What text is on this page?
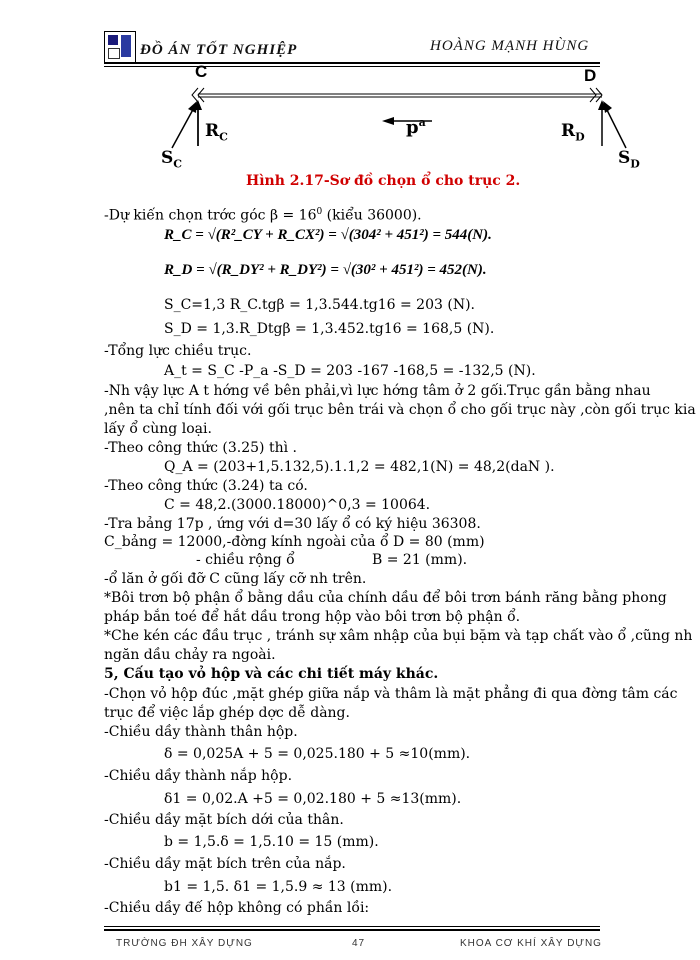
ĐỒ ÁN TỐT NGHIỆP	HOÀNG MẠNH HÙNG
C	D
$R_C$
$S_C$
$p^a$	$R_D$
$S_D$
Hình 2.17-Sơ đồ chọn ổ cho trục 2.
-Dự kiến chọn trớc góc $\beta = 16^0$ (kiểu 36000).
R_C = √(R²_CY + R_CX²) = √(304² + 451²) = 544(N).
R_D = √(R_DY² + R_DY²) = √(30² + 451²) = 452(N).
S_C=1,3 R_C.tgβ = 1,3.544.tg16 = 203 (N).
S_D = 1,3.R_Dtgβ = 1,3.452.tg16 = 168,5 (N).
-Tổng lực chiều trục.
A_t = S_C -P_a -S_D = 203 -167 -168,5 = -132,5 (N).
-Nh vậy lực A t hớng về bên phải,vì lực hớng tâm ở 2 gối.Trục gần bằng nhau
,nên ta chỉ tính đối với gối trục bên trái và chọn ổ cho gối trục này ,còn gối trục kia
lấy ổ cùng loại.
-Theo công thức (3.25) thì .
Q_A = (203+1,5.132,5).1.1,2 = 482,1(N) = 48,2(daN ).
-Theo công thức (3.24) ta có.
C = 48,2.(3000.18000)^0,3 = 10064.
-Tra bảng 17p , ứng với d=30 lấy ổ có ký hiệu 36308.
C_bảng = 12000,-đờng kính ngoài của ổ D = 80 (mm)
- chiều rộng ổ	B = 21 (mm).
-ổ lăn ở gối đỡ C cũng lấy cỡ nh trên.
*Bôi trơn bộ phận ổ bằng dầu của chính dầu để bôi trơn bánh răng bằng phong
pháp bắn toé để hắt dầu trong hộp vào bôi trơn bộ phận ổ.
*Che kén các đầu trục , tránh sự xâm nhập của bụi bặm và tạp chất vào ổ ,cũng nh
ngăn dầu chảy ra ngoài.
5, Cấu tạo vỏ hộp và các chi tiết máy khác.
-Chọn vỏ hộp đúc ,mặt ghép giữa nắp và thâm là mặt phẳng đi qua đờng tâm các
trục để việc lắp ghép dợc dễ dàng.
-Chiều dầy thành thân hộp.
δ = 0,025A + 5 = 0,025.180 + 5 ≈10(mm).
-Chiều dầy thành nắp hộp.
δ1 = 0,02.A +5 = 0,02.180 + 5 ≈13(mm).
-Chiều dầy mặt bích dới của thân.
b = 1,5.δ = 1,5.10 = 15 (mm).
-Chiều dầy mặt bích trên của nắp.
b1 = 1,5. δ1 = 1,5.9 ≈ 13 (mm).
-Chiều dầy đế hộp không có phần lồi:
TRƯỜNG ĐH XÂY DỰNG	47	KHOA CƠ KHÍ XÂY DỰNG
